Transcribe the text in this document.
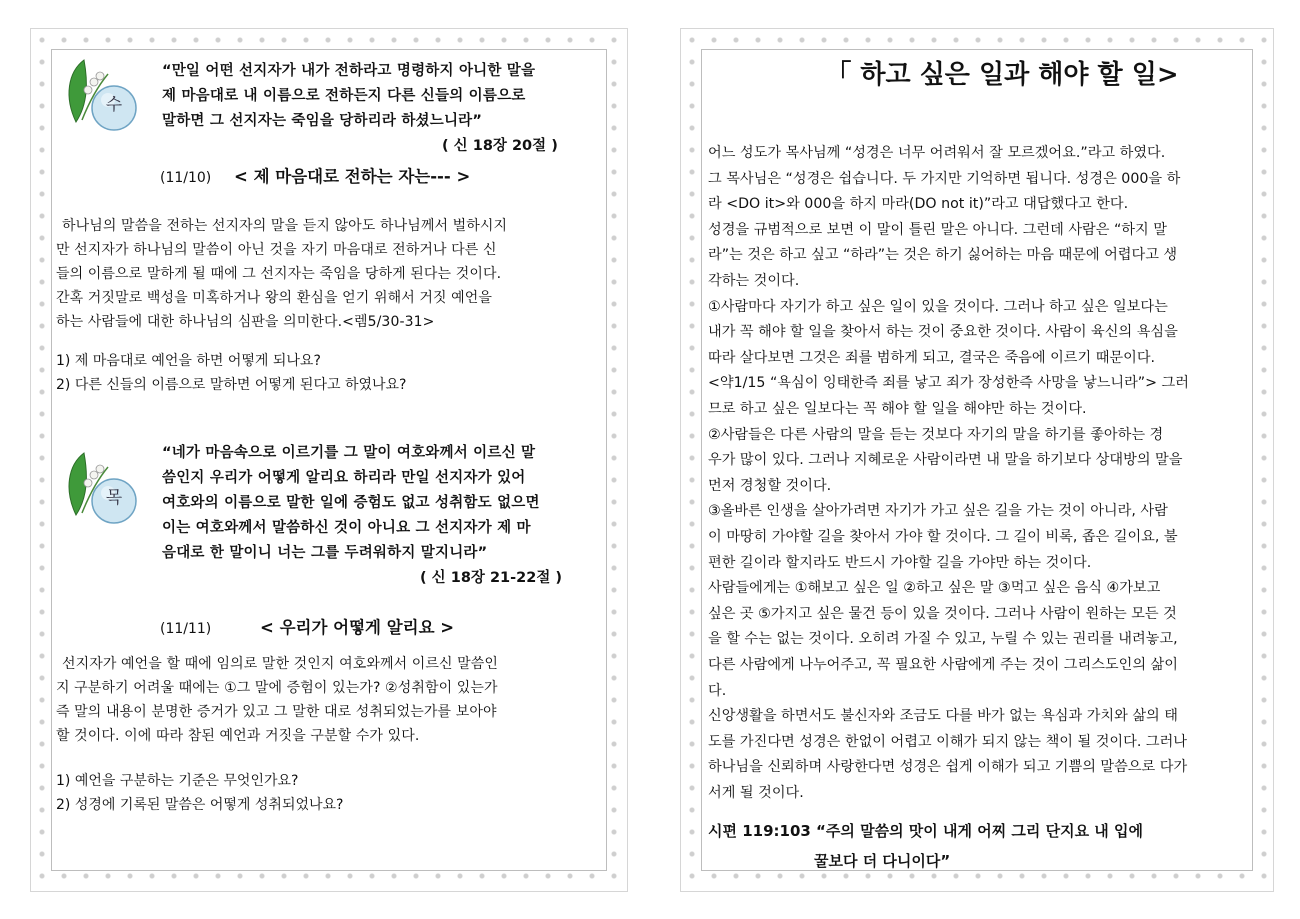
수
“만일 어떤 선지자가 내가 전하라고 명령하지 아니한 말을
제 마음대로 내 이름으로 전하든지 다른 신들의 이름으로
말하면 그 선지자는 죽임을 당하리라 하셨느니라”
( 신 18장 20절 )
(11/10) < 제 마음대로 전하는 자는--- >
하나님의 말씀을 전하는 선지자의 말을 듣지 않아도 하나님께서 벌하시지
만 선지자가 하나님의 말씀이 아닌 것을 자기 마음대로 전하거나 다른 신
들의 이름으로 말하게 될 때에 그 선지자는 죽임을 당하게 된다는 것이다.
간혹 거짓말로 백성을 미혹하거나 왕의 환심을 얻기 위해서 거짓 예언을
하는 사람들에 대한 하나님의 심판을 의미한다.<렘5/30-31>
1) 제 마음대로 예언을 하면 어떻게 되나요?
2) 다른 신들의 이름으로 말하면 어떻게 된다고 하였나요?
목
“네가 마음속으로 이르기를 그 말이 여호와께서 이르신 말
씀인지 우리가 어떻게 알리요 하리라 만일 선지자가 있어
여호와의 이름으로 말한 일에 증험도 없고 성취함도 없으면
이는 여호와께서 말씀하신 것이 아니요 그 선지자가 제 마
음대로 한 말이니 너는 그를 두려워하지 말지니라”
( 신 18장 21-22절 )
(11/11)	< 우리가 어떻게 알리요 >
선지자가 예언을 할 때에 임의로 말한 것인지 여호와께서 이르신 말씀인
지 구분하기 어려울 때에는 ①그 말에 증험이 있는가? ②성취함이 있는가
즉 말의 내용이 분명한 증거가 있고 그 말한 대로 성취되었는가를 보아야
할 것이다. 이에 따라 참된 예언과 거짓을 구분할 수가 있다.
1) 예언을 구분하는 기준은 무엇인가요?
2) 성경에 기록된 말씀은 어떻게 성취되었나요?
「 하고 싶은 일과 해야 할 일>
어느 성도가 목사님께 “성경은 너무 어려워서 잘 모르겠어요.”라고 하였다.
그 목사님은 “성경은 쉽습니다. 두 가지만 기억하면 됩니다. 성경은 000을 하
라 <DO it>와 000을 하지 마라(DO not it)”라고 대답했다고 한다.
성경을 규범적으로 보면 이 말이 틀린 말은 아니다. 그런데 사람은 “하지 말
라”는 것은 하고 싶고 “하라”는 것은 하기 싫어하는 마음 때문에 어렵다고 생
각하는 것이다.
①사람마다 자기가 하고 싶은 일이 있을 것이다. 그러나 하고 싶은 일보다는
내가 꼭 해야 할 일을 찾아서 하는 것이 중요한 것이다. 사람이 육신의 욕심을
따라 살다보면 그것은 죄를 범하게 되고, 결국은 죽음에 이르기 때문이다.
<약1/15 “욕심이 잉태한즉 죄를 낳고 죄가 장성한즉 사망을 낳느니라”> 그러
므로 하고 싶은 일보다는 꼭 해야 할 일을 해야만 하는 것이다.
②사람들은 다른 사람의 말을 듣는 것보다 자기의 말을 하기를 좋아하는 경
우가 많이 있다. 그러나 지혜로운 사람이라면 내 말을 하기보다 상대방의 말을
먼저 경청할 것이다.
③올바른 인생을 살아가려면 자기가 가고 싶은 길을 가는 것이 아니라, 사람
이 마땅히 가야할 길을 찾아서 가야 할 것이다. 그 길이 비록, 좁은 길이요, 불
편한 길이라 할지라도 반드시 가야할 길을 가야만 하는 것이다.
사람들에게는 ①해보고 싶은 일 ②하고 싶은 말 ③먹고 싶은 음식 ④가보고
싶은 곳 ⑤가지고 싶은 물건 등이 있을 것이다. 그러나 사람이 원하는 모든 것
을 할 수는 없는 것이다. 오히려 가질 수 있고, 누릴 수 있는 권리를 내려놓고,
다른 사람에게 나누어주고, 꼭 필요한 사람에게 주는 것이 그리스도인의 삶이
다.
신앙생활을 하면서도 불신자와 조금도 다를 바가 없는 욕심과 가치와 삶의 태
도를 가진다면 성경은 한없이 어렵고 이해가 되지 않는 책이 될 것이다. 그러나
하나님을 신뢰하며 사랑한다면 성경은 쉽게 이해가 되고 기쁨의 말씀으로 다가
서게 될 것이다.
시편 119:103 “주의 말씀의 맛이 내게 어찌 그리 단지요 내 입에
꿀보다 더 다니이다”
